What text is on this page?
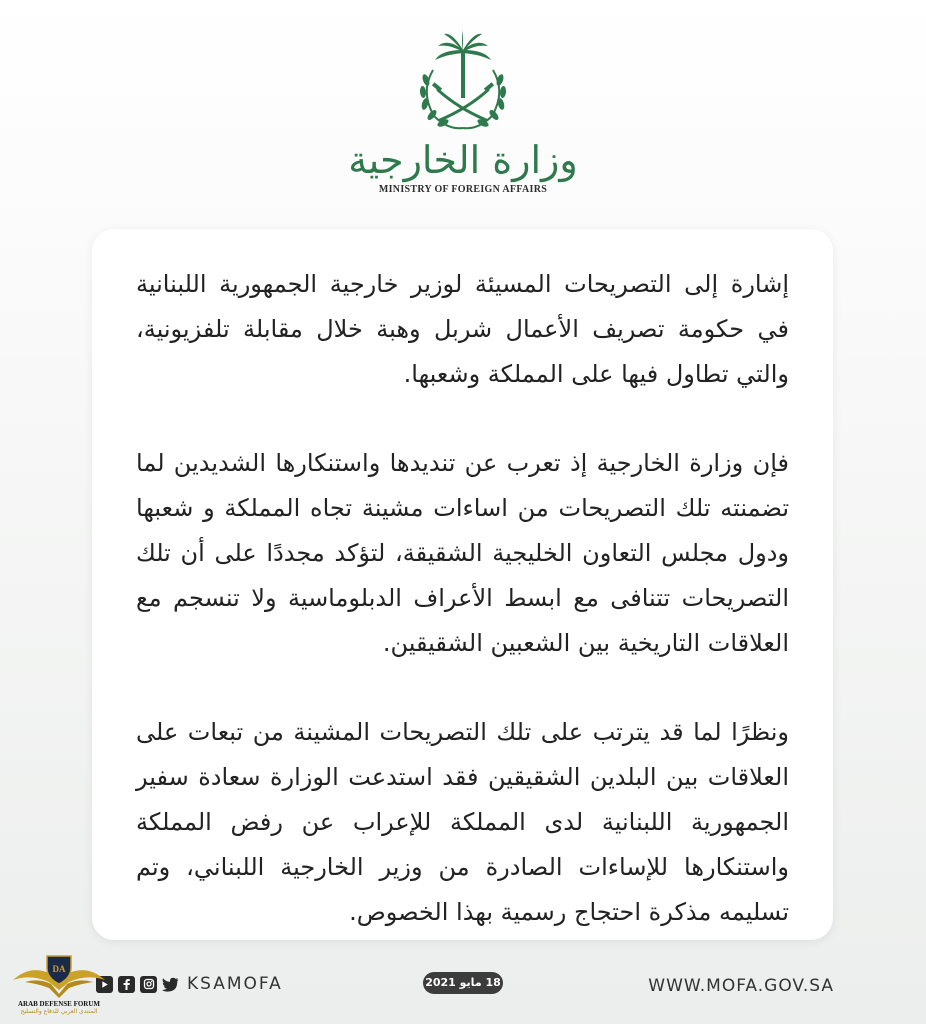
وزارة الخارجية
MINISTRY OF FOREIGN AFFAIRS

إشارة إلى التصريحات المسيئة لوزير خارجية الجمهورية اللبنانية في حكومة تصريف الأعمال شربل وهبة خلال مقابلة تلفزيونية، والتي تطاول فيها على المملكة وشعبها.

فإن وزارة الخارجية إذ تعرب عن تنديدها واستنكارها الشديدين لما تضمنته تلك التصريحات من اساءات مشينة تجاه المملكة و شعبها ودول مجلس التعاون الخليجية الشقيقة، لتؤكد مجددًا على أن تلك التصريحات تتنافى مع ابسط الأعراف الدبلوماسية ولا تنسجم مع العلاقات التاريخية بين الشعبين الشقيقين.

ونظرًا لما قد يترتب على تلك التصريحات المشينة من تبعات على العلاقات بين البلدين الشقيقين فقد استدعت الوزارة سعادة سفير الجمهورية اللبنانية لدى المملكة للإعراب عن رفض المملكة واستنكارها للإساءات الصادرة من وزير الخارجية اللبناني، وتم تسليمه مذكرة احتجاج رسمية بهذا الخصوص.

KSAMOFA	18 مايو 2021	WWW.MOFA.GOV.SA
DA
ARAB DEFENSE FORUM
المنتدى العربي للدفاع والتسليح
